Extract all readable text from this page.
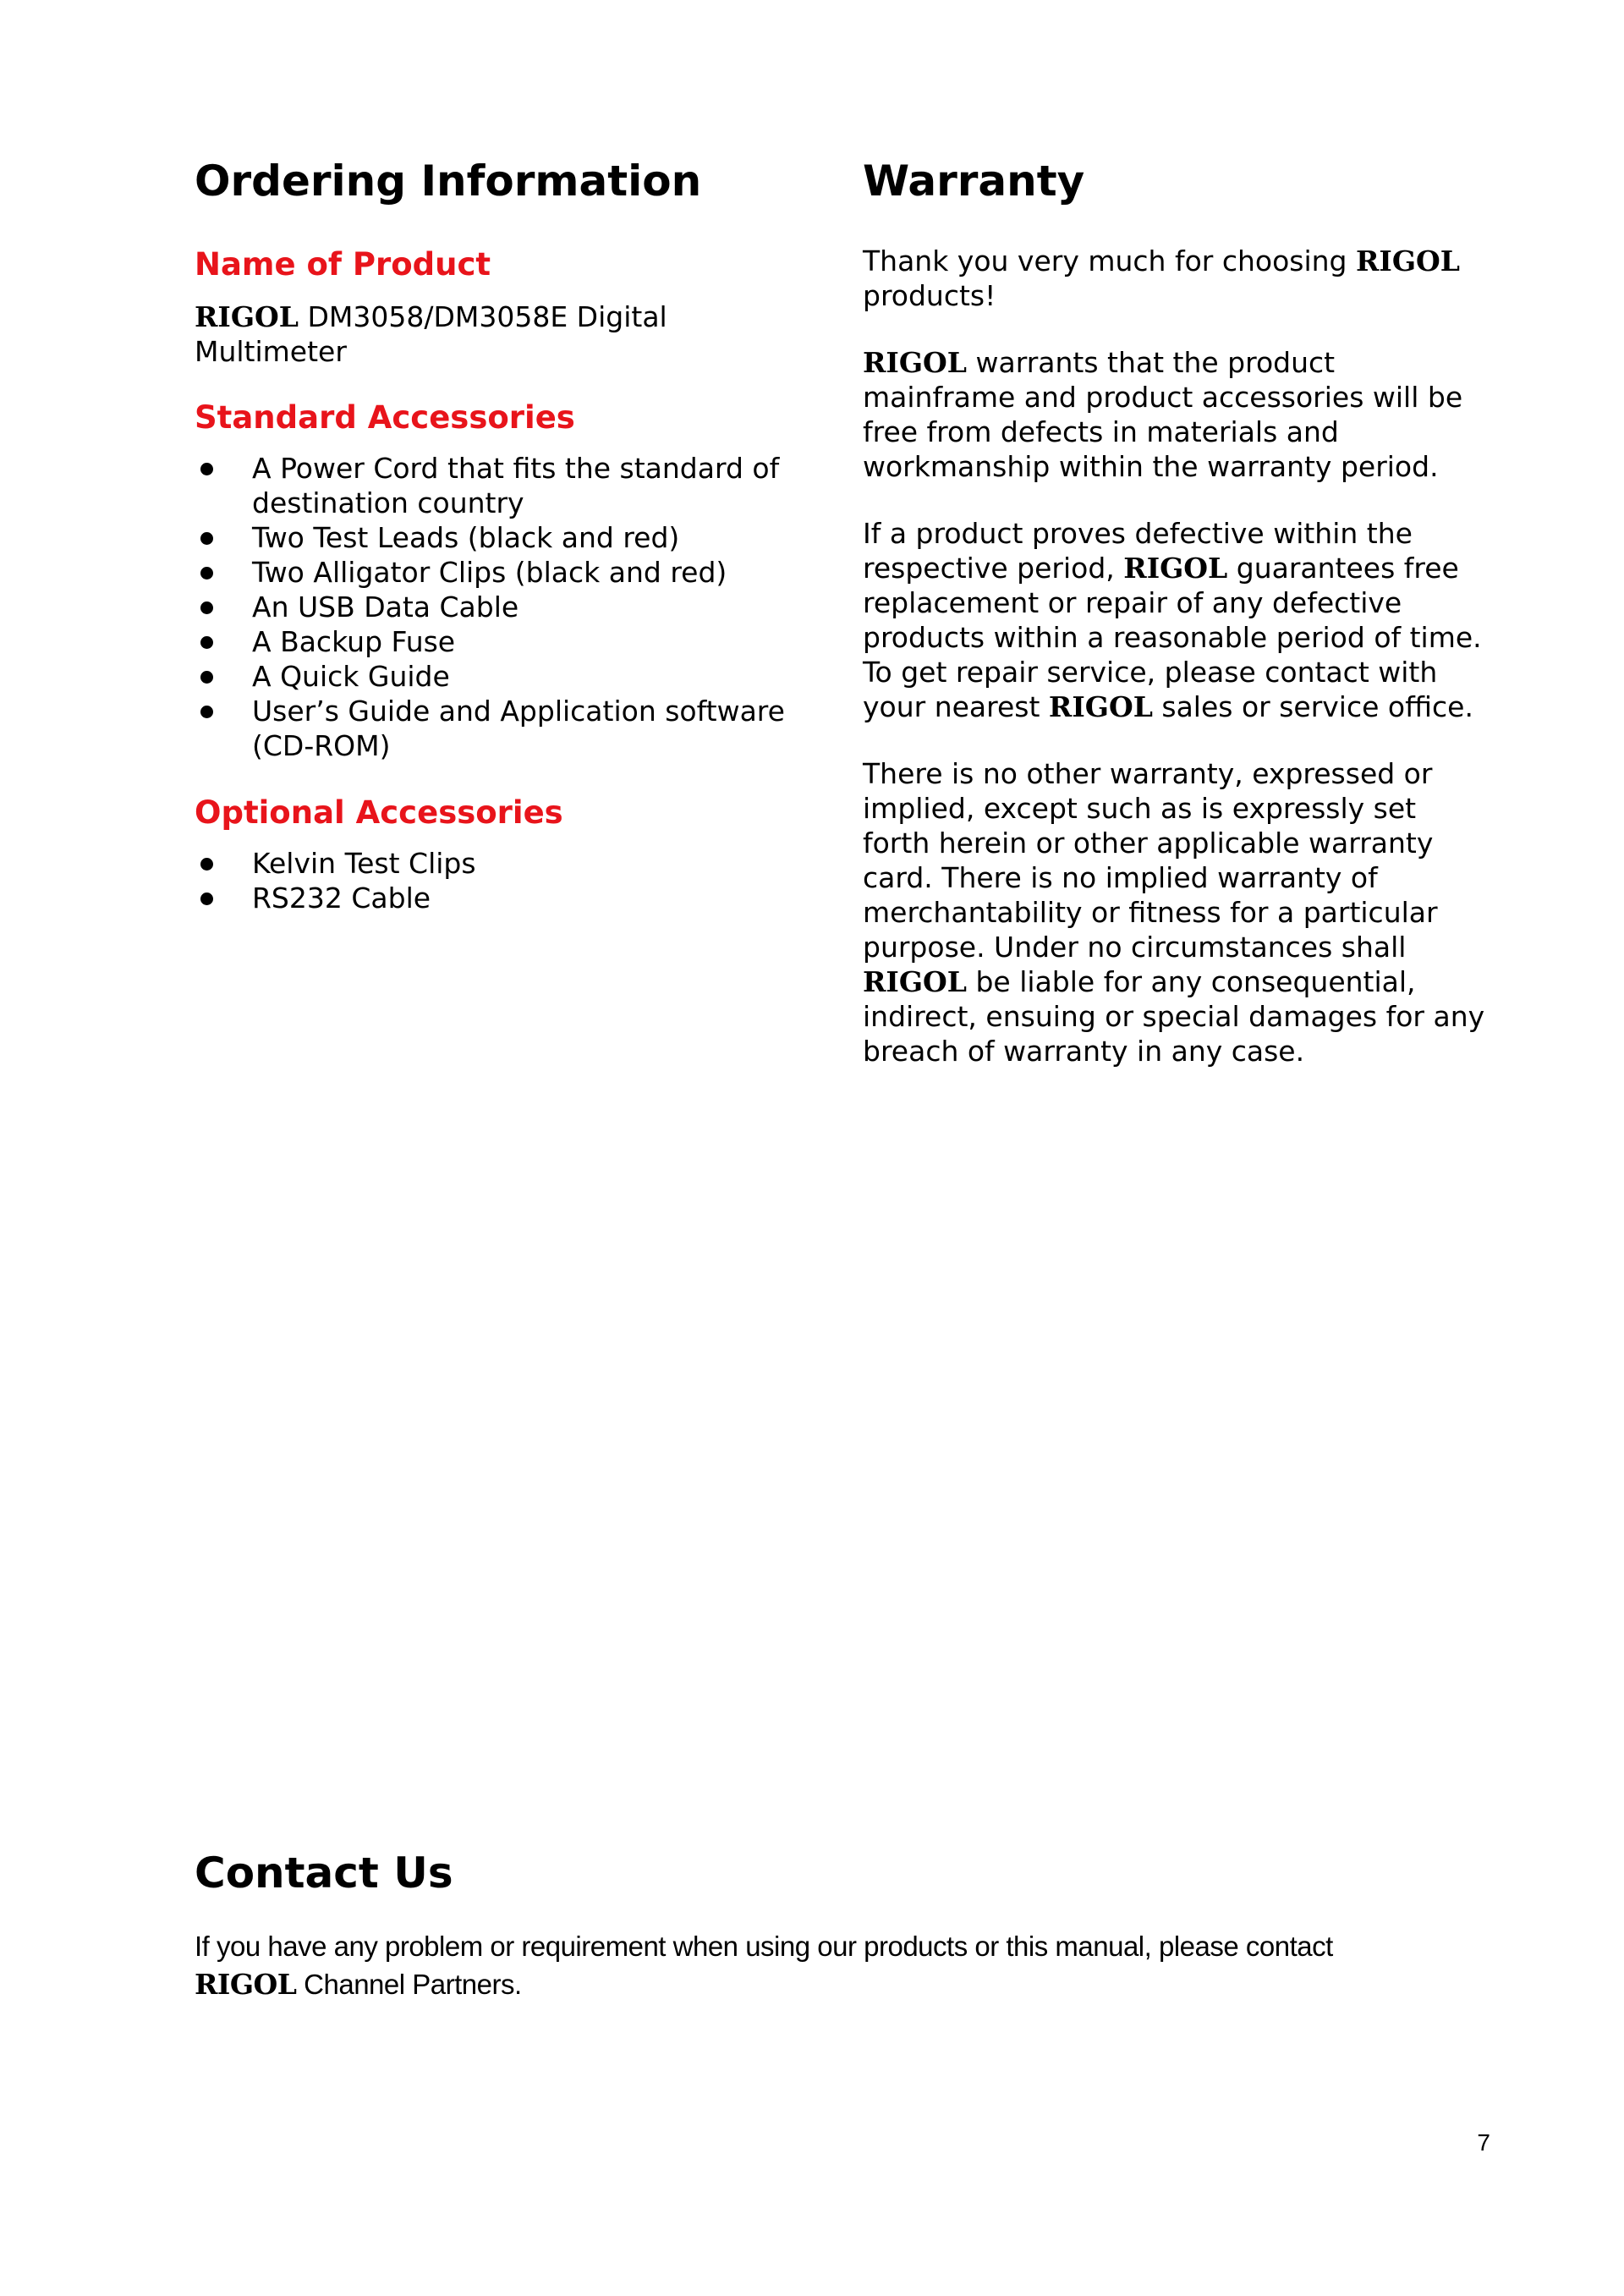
Ordering Information
Name of Product

RIGOL DM3058/DM3058E Digital Multimeter

Standard Accessories
A Power Cord that fits the standard of destination country
Two Test Leads (black and red)
Two Alligator Clips (black and red)
An USB Data Cable
A Backup Fuse
A Quick Guide
User’s Guide and Application software (CD-ROM)
Optional Accessories
Kelvin Test Clips
RS232 Cable
Warranty

Thank you very much for choosing RIGOL products!

RIGOL warrants that the product mainframe and product accessories will be free from defects in materials and workmanship within the warranty period.

If a product proves defective within the respective period, RIGOL guarantees free replacement or repair of any defective products within a reasonable period of time. To get repair service, please contact with your nearest RIGOL sales or service office.

There is no other warranty, expressed or implied, except such as is expressly set forth herein or other applicable warranty card. There is no implied warranty of merchantability or fitness for a particular purpose. Under no circumstances shall RIGOL be liable for any consequential, indirect, ensuing or special damages for any breach of warranty in any case.

Contact Us

If you have any problem or requirement when using our products or this manual, please contact
RIGOL Channel Partners.

7
